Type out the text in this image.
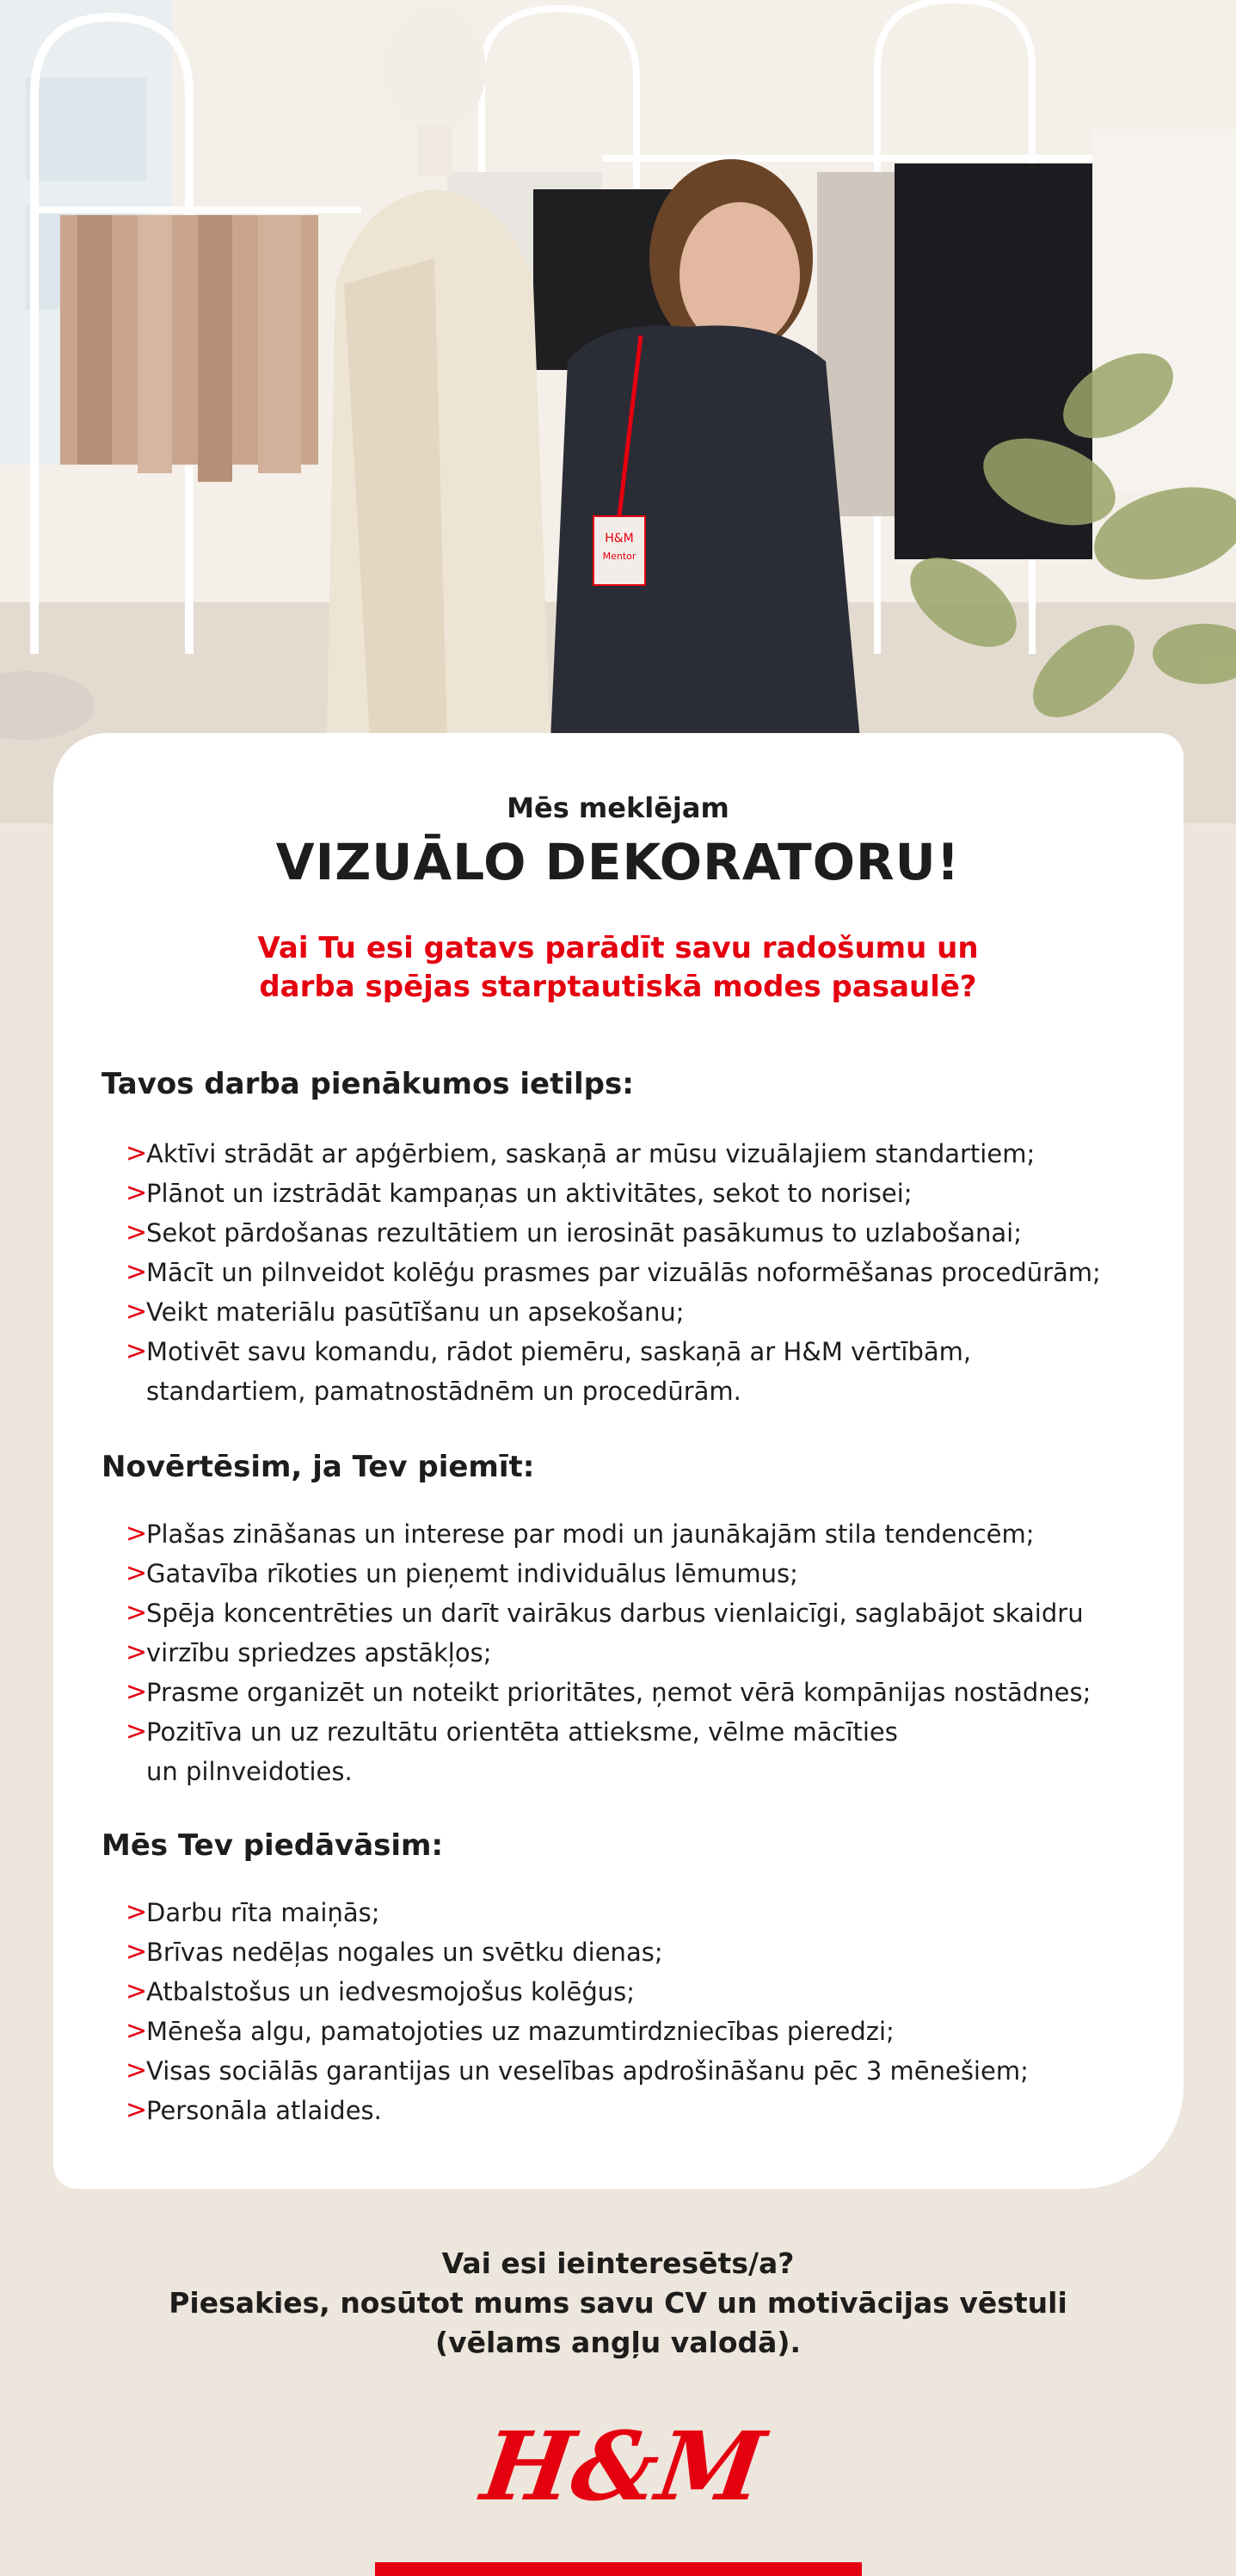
H&M
Mentor
Mēs meklējam
VIZUĀLO DEKORATORU!
Vai Tu esi gatavs parādīt savu radošumu un
darba spējas starptautiskā modes pasaulē?
Tavos darba pienākumos ietilps:
>
Aktīvi strādāt ar apģērbiem, saskaņā ar mūsu vizuālajiem standartiem;
>
Plānot un izstrādāt kampaņas un aktivitātes, sekot to norisei;
>
Sekot pārdošanas rezultātiem un ierosināt pasākumus to uzlabošanai;
>
Mācīt un pilnveidot kolēģu prasmes par vizuālās noformēšanas procedūrām;
>
Veikt materiālu pasūtīšanu un apsekošanu;
>
Motivēt savu komandu, rādot piemēru, saskaņā ar H&M vērtībām,
standartiem, pamatnostādnēm un procedūrām.
Novērtēsim, ja Tev piemīt:
>
Plašas zināšanas un interese par modi un jaunākajām stila tendencēm;
>
Gatavība rīkoties un pieņemt individuālus lēmumus;
>
Spēja koncentrēties un darīt vairākus darbus vienlaicīgi, saglabājot skaidru
>
virzību spriedzes apstākļos;
>
Prasme organizēt un noteikt prioritātes, ņemot vērā kompānijas nostādnes;
>
Pozitīva un uz rezultātu orientēta attieksme, vēlme mācīties
un pilnveidoties.
Mēs Tev piedāvāsim:
>
Darbu rīta maiņās;
>
Brīvas nedēļas nogales un svētku dienas;
>
Atbalstošus un iedvesmojošus kolēģus;
>
Mēneša algu, pamatojoties uz mazumtirdzniecības pieredzi;
>
Visas sociālās garantijas un veselības apdrošināšanu pēc 3 mēnešiem;
>
Personāla atlaides.
Vai esi ieinteresēts/a?
Piesakies, nosūtot mums savu CV un motivācijas vēstuli
(vēlams angļu valodā).
H&M
